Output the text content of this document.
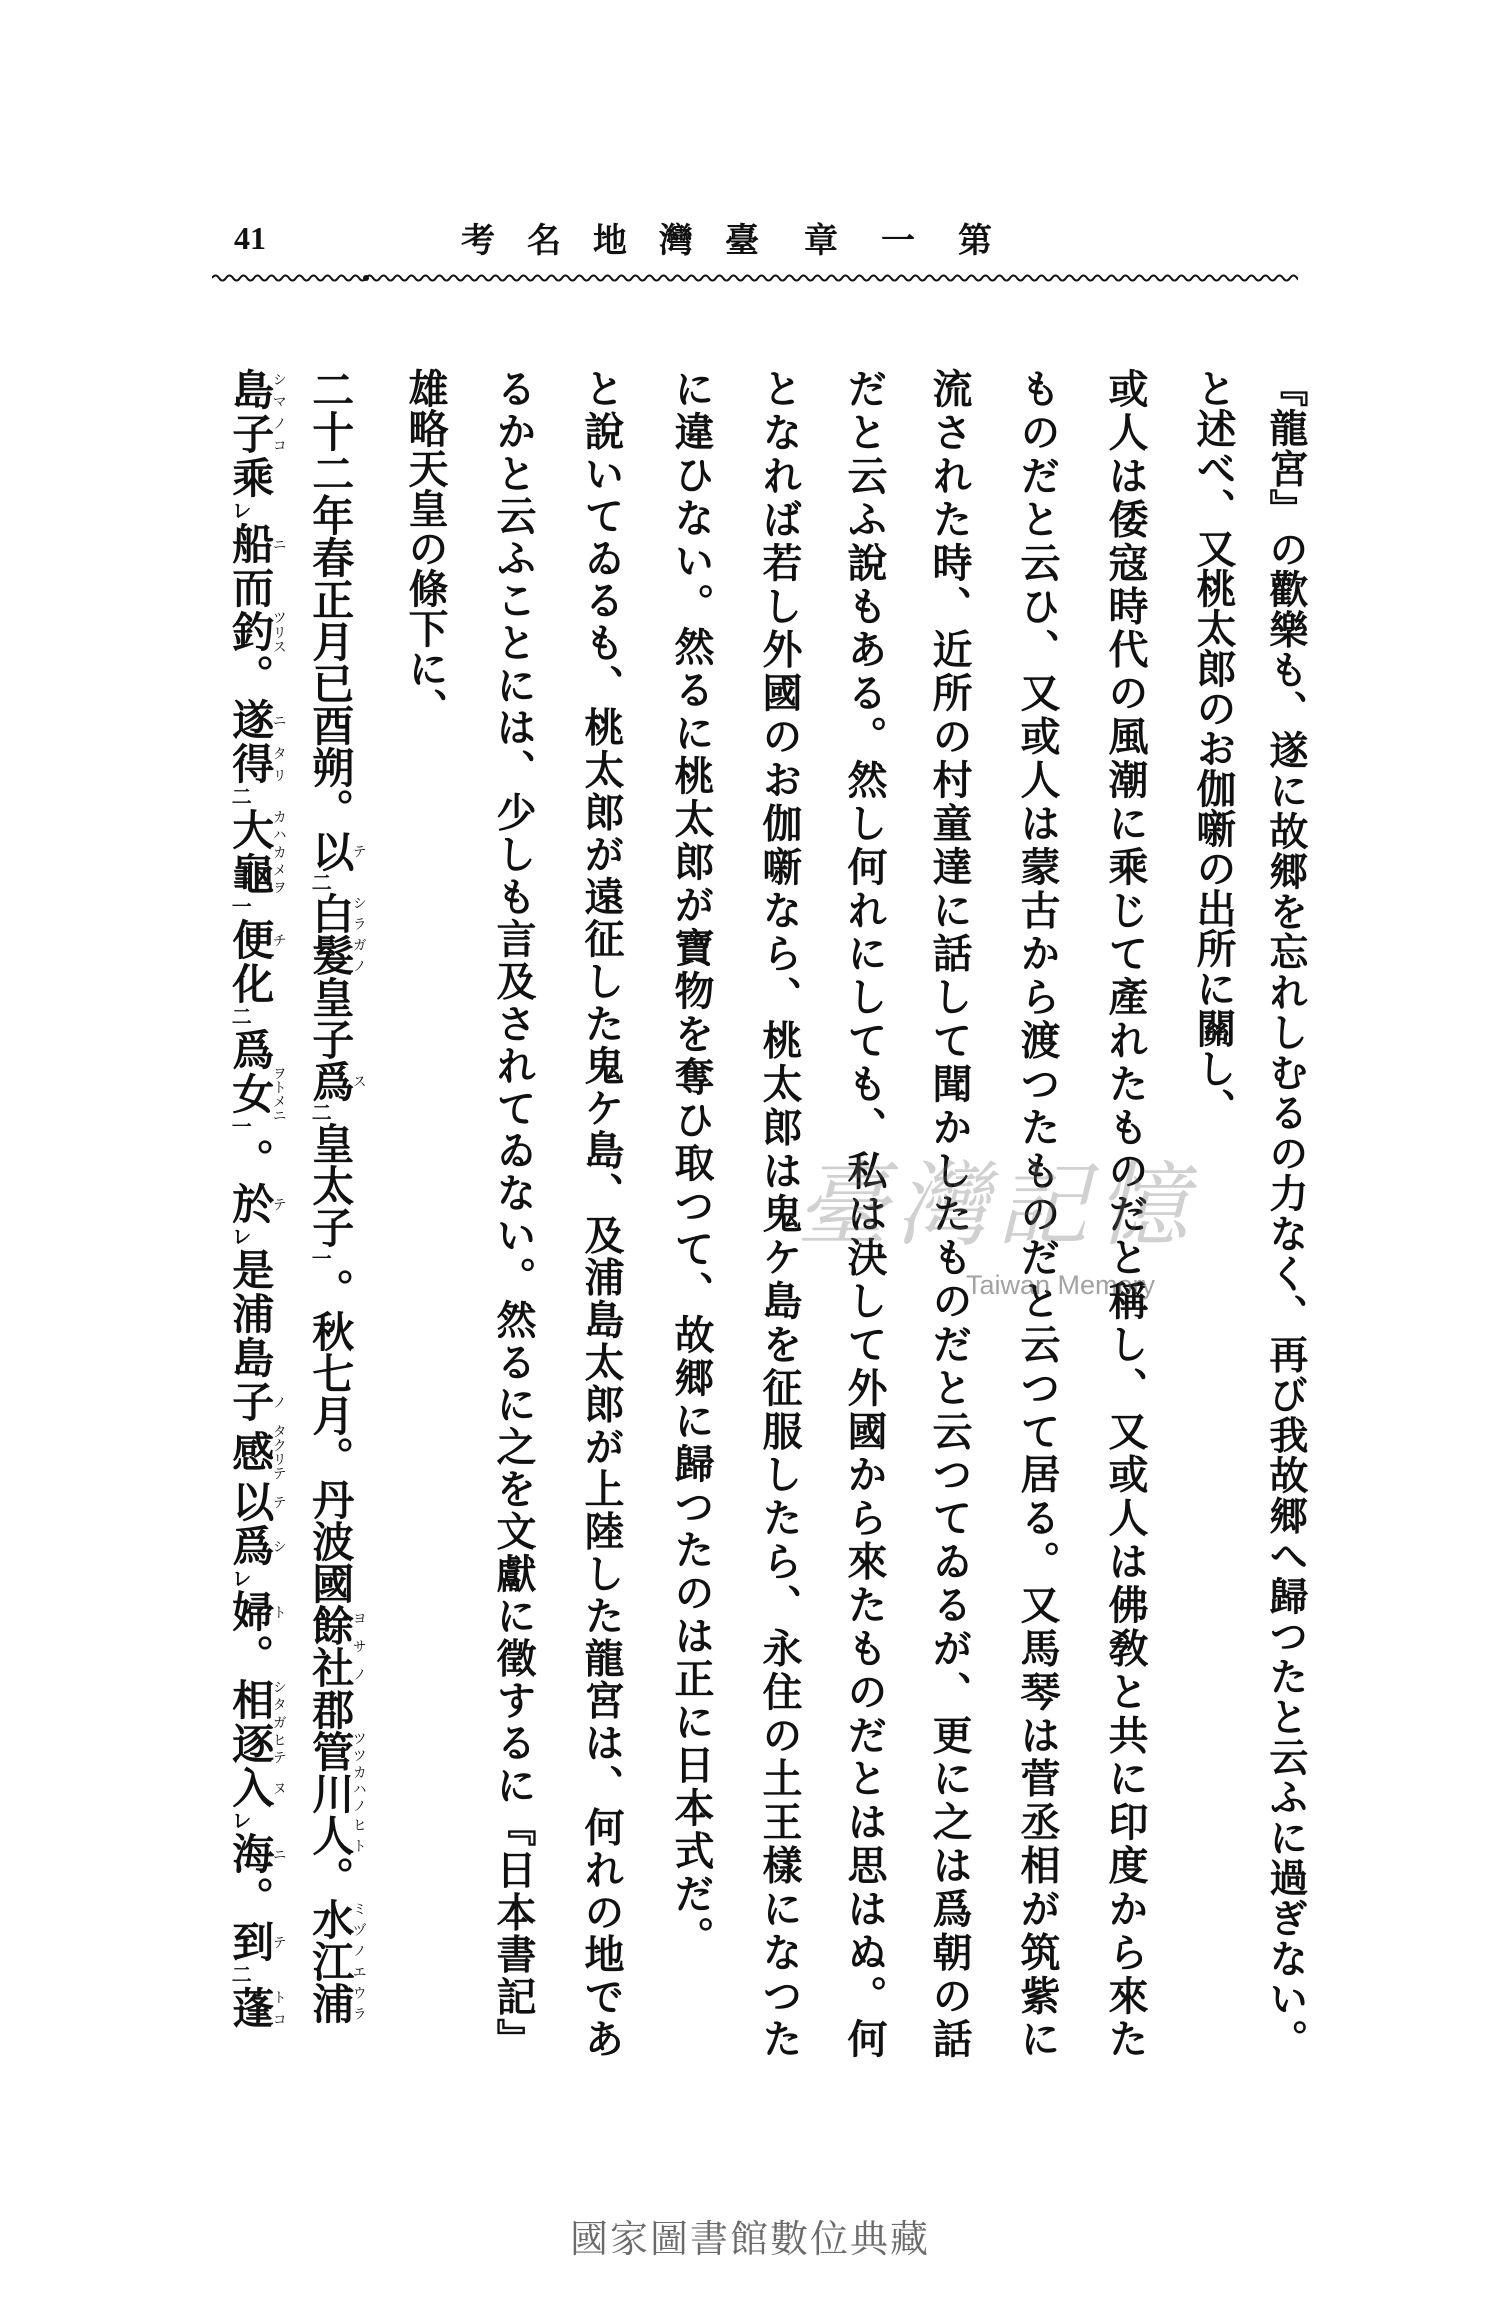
41	臺灣地名考 第一章
『龍宮』の歡樂も、遂に故郷を忘れしむるの力なく、再び我故郷へ歸つたと云ふに過ぎない。
と述べ、又桃太郎のお伽噺の出所に關し、
或人は倭寇時代の風潮に乘じて產れたものだと稱し、又或人は佛敎と共に印度から來た
ものだと云ひ、又或人は蒙古から渡つたものだと云つて居る。又馬琴は菅丞相が筑紫に
流された時、近所の村童達に話して聞かしたものだと云つてゐるが、更に之は爲朝の話
だと云ふ說もある。然し何れにしても、私は決して外國から來たものだとは思はぬ。何
となれば若し外國のお伽噺なら、桃太郎は鬼ケ島を征服したら、永住の土王樣になつた
に違ひない。然るに桃太郎が寶物を奪ひ取つて、故郷に歸つたのは正に日本式だ。
と說いてゐるも、桃太郎が遠征した鬼ケ島、及浦島太郎が上陸した龍宮は、何れの地であ
るかと云ふことには、少しも言及されてゐない。然るに之を文獻に徵するに『日本書記』
雄略天皇の條下に、
二十二年春正月已酉朔。以テ二白髮シラガノ皇子爲ス二皇太子一。秋七月。丹波國餘社ヨサノ郡管川ツツカハノ人ヒト。水江浦ミヅノエウラ
島子シマノコ乘レ船ニ而釣ツリス。遂ニ得タリ二大龜カハカメヲ一便チ化二爲女ヲトメニ一。於テレ是浦島子ノ感タクリテ以テ爲シレ婦ト。相逐シタガヒテ入ヌレ海ニ。到テ二蓬トコ
臺灣記憶
Taiwan Memory
國家圖書館數位典藏
